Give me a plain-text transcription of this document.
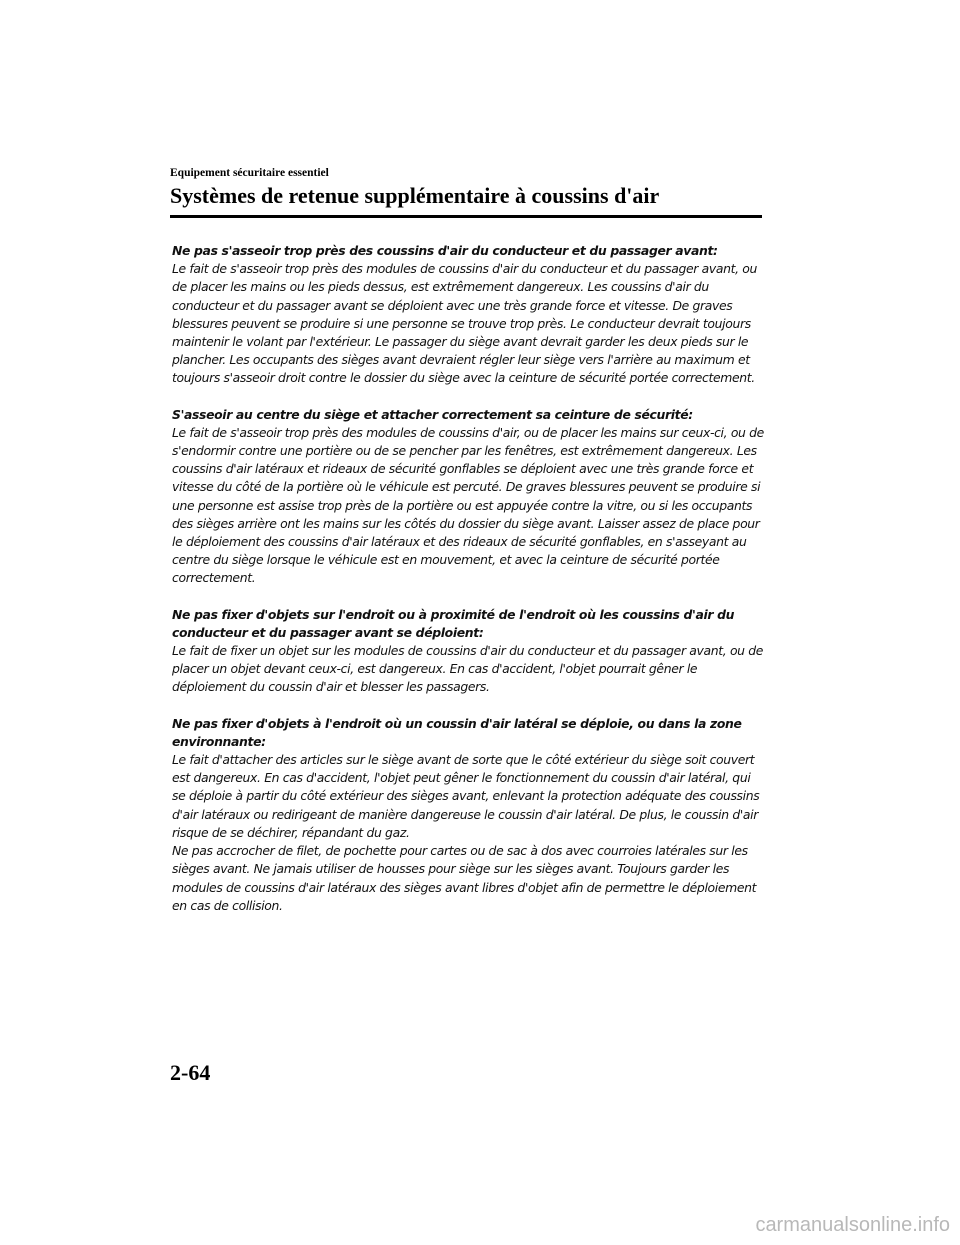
Equipement sécuritaire essentiel

Systèmes de retenue supplémentaire à coussins d'air

Ne pas s'asseoir trop près des coussins d'air du conducteur et du passager avant:

Le fait de s'asseoir trop près des modules de coussins d'air du conducteur et du passager avant, ou de placer les mains ou les pieds dessus, est extrêmement dangereux. Les coussins d'air du conducteur et du passager avant se déploient avec une très grande force et vitesse. De graves blessures peuvent se produire si une personne se trouve trop près. Le conducteur devrait toujours maintenir le volant par l'extérieur. Le passager du siège avant devrait garder les deux pieds sur le plancher. Les occupants des sièges avant devraient régler leur siège vers l'arrière au maximum et toujours s'asseoir droit contre le dossier du siège avec la ceinture de sécurité portée correctement.

S'asseoir au centre du siège et attacher correctement sa ceinture de sécurité:

Le fait de s'asseoir trop près des modules de coussins d'air, ou de placer les mains sur ceux-ci, ou de s'endormir contre une portière ou de se pencher par les fenêtres, est extrêmement dangereux. Les coussins d'air latéraux et rideaux de sécurité gonflables se déploient avec une très grande force et vitesse du côté de la portière où le véhicule est percuté. De graves blessures peuvent se produire si une personne est assise trop près de la portière ou est appuyée contre la vitre, ou si les occupants des sièges arrière ont les mains sur les côtés du dossier du siège avant. Laisser assez de place pour le déploiement des coussins d'air latéraux et des rideaux de sécurité gonflables, en s'asseyant au centre du siège lorsque le véhicule est en mouvement, et avec la ceinture de sécurité portée correctement.

Ne pas fixer d'objets sur l'endroit ou à proximité de l'endroit où les coussins d'air du conducteur et du passager avant se déploient:

Le fait de fixer un objet sur les modules de coussins d'air du conducteur et du passager avant, ou de placer un objet devant ceux-ci, est dangereux. En cas d'accident, l'objet pourrait gêner le déploiement du coussin d'air et blesser les passagers.

Ne pas fixer d'objets à l'endroit où un coussin d'air latéral se déploie, ou dans la zone environnante:

Le fait d'attacher des articles sur le siège avant de sorte que le côté extérieur du siège soit couvert est dangereux. En cas d'accident, l'objet peut gêner le fonctionnement du coussin d'air latéral, qui se déploie à partir du côté extérieur des sièges avant, enlevant la protection adéquate des coussins d'air latéraux ou redirigeant de manière dangereuse le coussin d'air latéral. De plus, le coussin d'air risque de se déchirer, répandant du gaz.

Ne pas accrocher de filet, de pochette pour cartes ou de sac à dos avec courroies latérales sur les sièges avant. Ne jamais utiliser de housses pour siège sur les sièges avant. Toujours garder les modules de coussins d'air latéraux des sièges avant libres d'objet afin de permettre le déploiement en cas de collision.

2-64

carmanualsonline.info
